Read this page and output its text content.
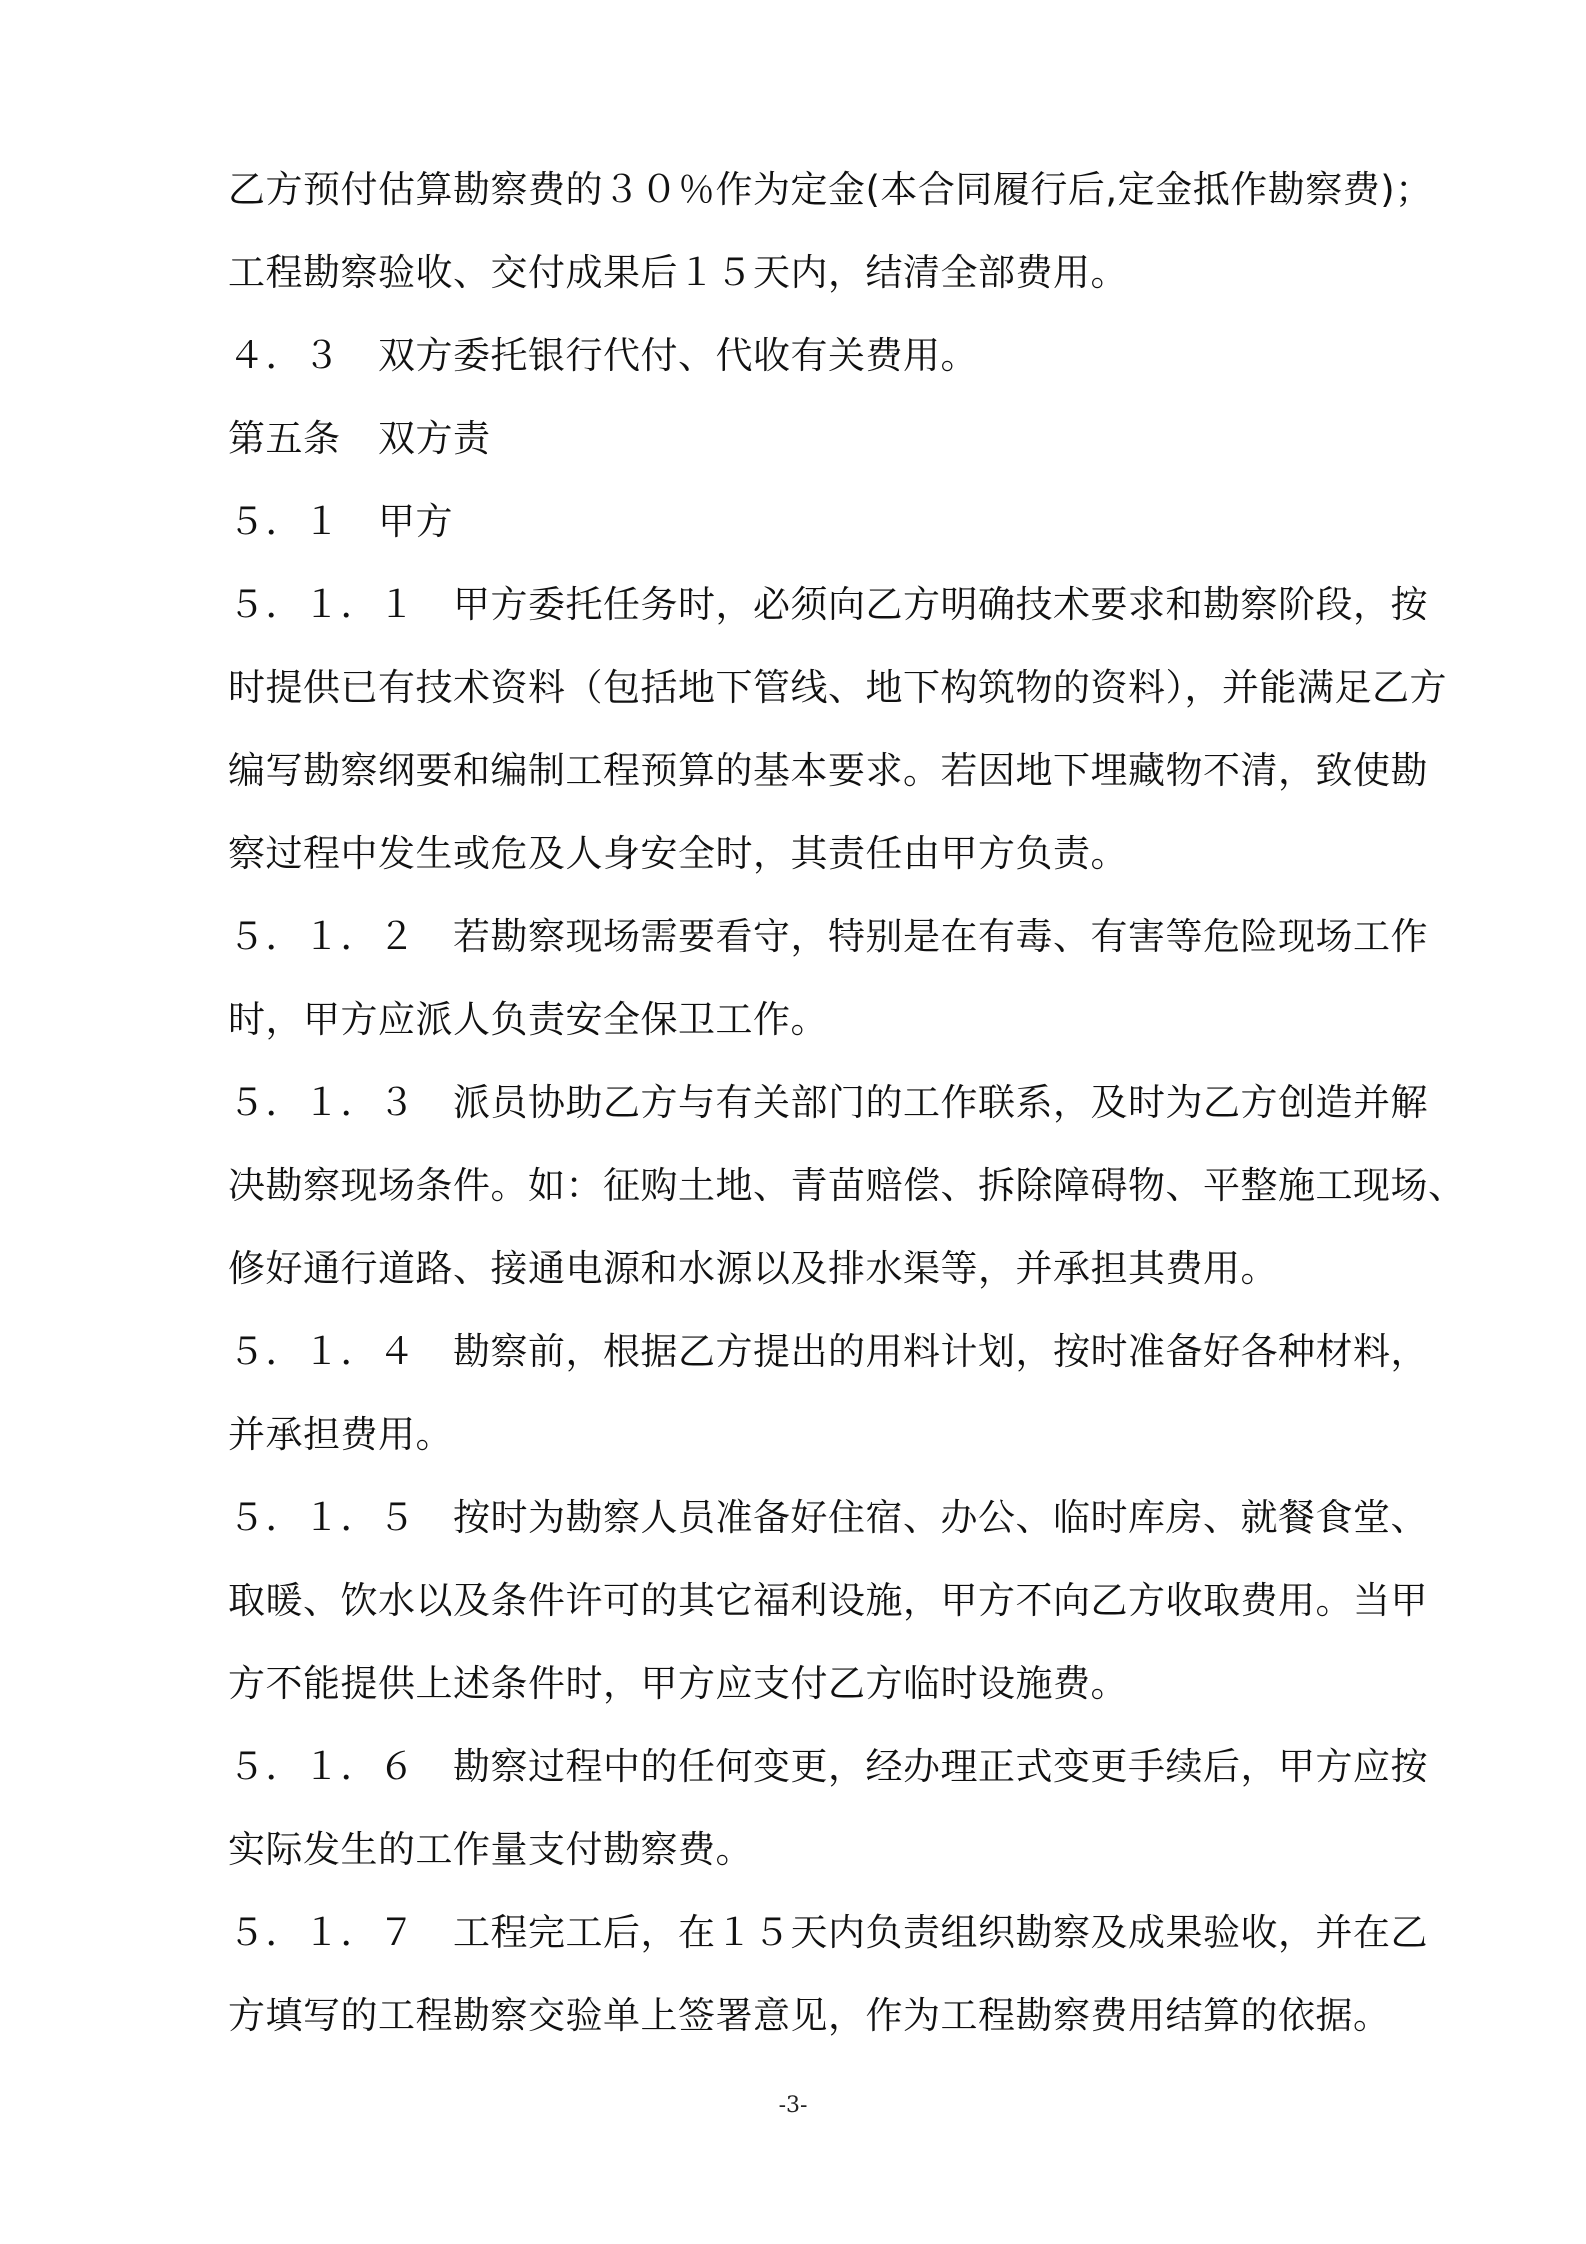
乙方预付估算勘察费的３０％作为定金(本合同履行后,定金抵作勘察费)；
工程勘察验收、交付成果后１５天内，结清全部费用。
４．３　双方委托银行代付、代收有关费用。
第五条　双方责
５．１　甲方
５．１．１　甲方委托任务时，必须向乙方明确技术要求和勘察阶段，按
时提供已有技术资料（包括地下管线、地下构筑物的资料），并能满足乙方
编写勘察纲要和编制工程预算的基本要求。若因地下埋藏物不清，致使勘
察过程中发生或危及人身安全时，其责任由甲方负责。
５．１．２　若勘察现场需要看守，特别是在有毒、有害等危险现场工作
时，甲方应派人负责安全保卫工作。
５．１．３　派员协助乙方与有关部门的工作联系，及时为乙方创造并解
决勘察现场条件。如：征购土地、青苗赔偿、拆除障碍物、平整施工现场、
修好通行道路、接通电源和水源以及排水渠等，并承担其费用。
５．１．４　勘察前，根据乙方提出的用料计划，按时准备好各种材料，
并承担费用。
５．１．５　按时为勘察人员准备好住宿、办公、临时库房、就餐食堂、
取暖、饮水以及条件许可的其它福利设施，甲方不向乙方收取费用。当甲
方不能提供上述条件时，甲方应支付乙方临时设施费。
５．１．６　勘察过程中的任何变更，经办理正式变更手续后，甲方应按
实际发生的工作量支付勘察费。
５．１．７　工程完工后，在１５天内负责组织勘察及成果验收，并在乙
方填写的工程勘察交验单上签署意见，作为工程勘察费用结算的依据。
-3-
